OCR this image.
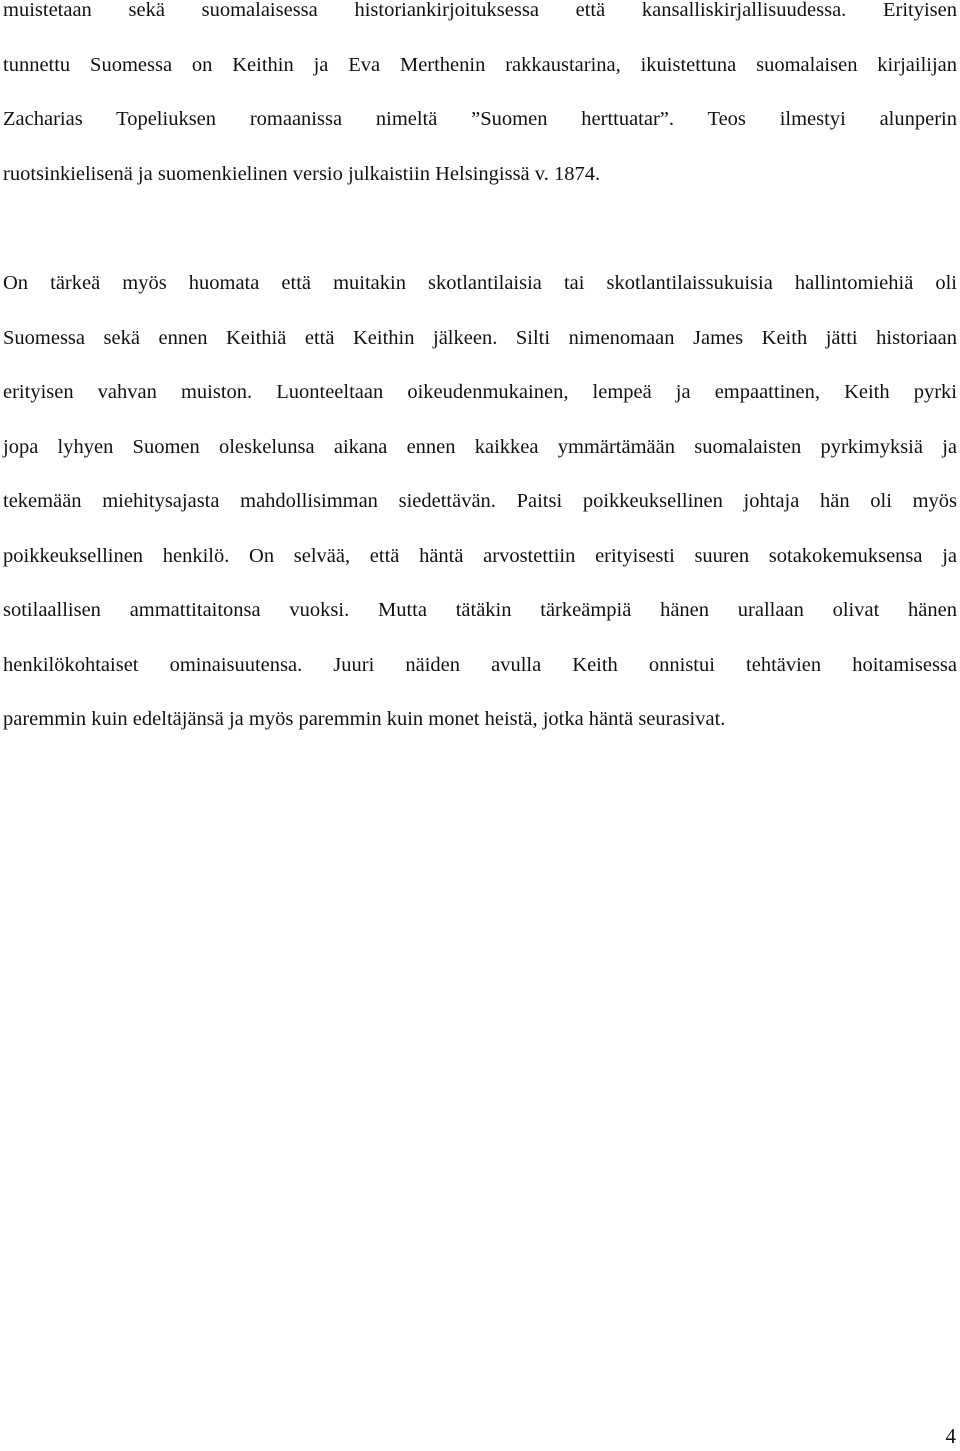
muistetaan sekä suomalaisessa historiankirjoituksessa että kansalliskirjallisuudessa. Erityisen
tunnettu Suomessa on Keithin ja Eva Merthenin rakkaustarina, ikuistettuna suomalaisen kirjailijan
Zacharias Topeliuksen romaanissa nimeltä ”Suomen herttuatar”. Teos ilmestyi alunperin
ruotsinkielisenä ja suomenkielinen versio julkaistiin Helsingissä v. 1874.
On tärkeä myös huomata että muitakin skotlantilaisia tai skotlantilaissukuisia hallintomiehiä oli
Suomessa sekä ennen Keithiä että Keithin jälkeen. Silti nimenomaan James Keith jätti historiaan
erityisen vahvan muiston. Luonteeltaan oikeudenmukainen, lempeä ja empaattinen, Keith pyrki
jopa lyhyen Suomen oleskelunsa aikana ennen kaikkea ymmärtämään suomalaisten pyrkimyksiä ja
tekemään miehitysajasta mahdollisimman siedettävän. Paitsi poikkeuksellinen johtaja hän oli myös
poikkeuksellinen henkilö. On selvää, että häntä arvostettiin erityisesti suuren sotakokemuksensa ja
sotilaallisen ammattitaitonsa vuoksi. Mutta tätäkin tärkeämpiä hänen urallaan olivat hänen
henkilökohtaiset ominaisuutensa. Juuri näiden avulla Keith onnistui tehtävien hoitamisessa
paremmin kuin edeltäjänsä ja myös paremmin kuin monet heistä, jotka häntä seurasivat.
4
